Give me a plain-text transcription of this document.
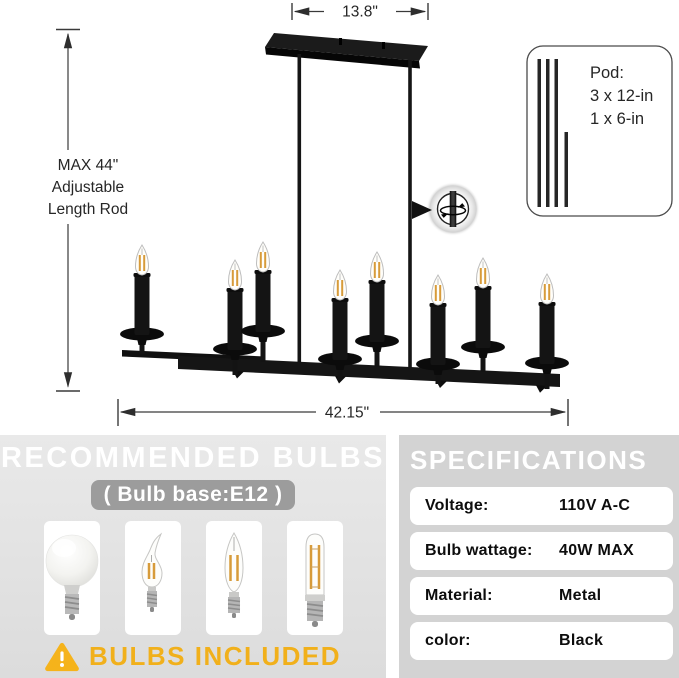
13.8"
MAX 44"
Adjustable
Length Rod
42.15"
Pod:
3 x 12-in
1 x 6-in
RECOMMENDED BULBS
( Bulb base:E12 )
BULBS INCLUDED
SPECIFICATIONS
Voltage:	110V A-C
Bulb wattage:	40W MAX
Material:	Metal
color:	Black
